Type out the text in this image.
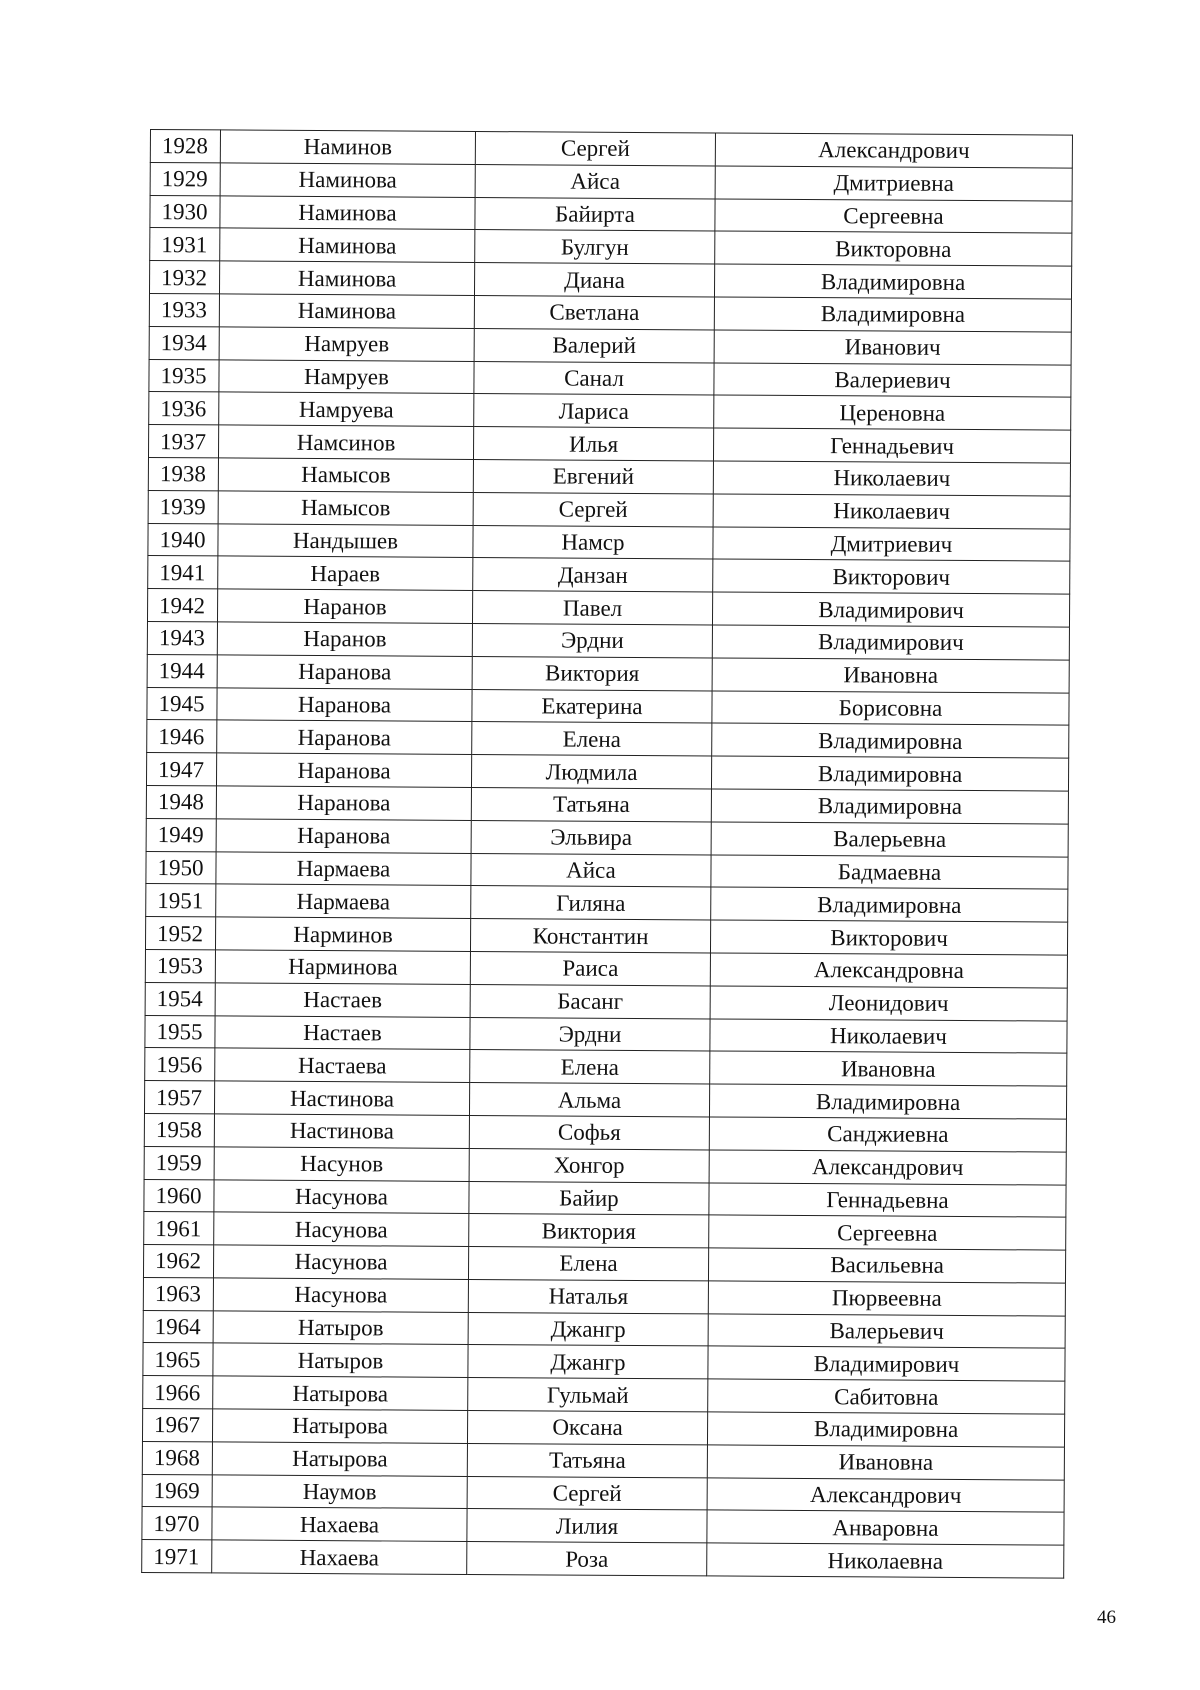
1928	Наминов	Сергей	Александрович
1929	Наминова	Айса	Дмитриевна
1930	Наминова	Байирта	Сергеевна
1931	Наминова	Булгун	Викторовна
1932	Наминова	Диана	Владимировна
1933	Наминова	Светлана	Владимировна
1934	Намруев	Валерий	Иванович
1935	Намруев	Санал	Валериевич
1936	Намруева	Лариса	Цереновна
1937	Намсинов	Илья	Геннадьевич
1938	Намысов	Евгений	Николаевич
1939	Намысов	Сергей	Николаевич
1940	Нандышев	Намср	Дмитриевич
1941	Нараев	Данзан	Викторович
1942	Наранов	Павел	Владимирович
1943	Наранов	Эрдни	Владимирович
1944	Наранова	Виктория	Ивановна
1945	Наранова	Екатерина	Борисовна
1946	Наранова	Елена	Владимировна
1947	Наранова	Людмила	Владимировна
1948	Наранова	Татьяна	Владимировна
1949	Наранова	Эльвира	Валерьевна
1950	Нармаева	Айса	Бадмаевна
1951	Нармаева	Гиляна	Владимировна
1952	Нарминов	Константин	Викторович
1953	Нарминова	Раиса	Александровна
1954	Настаев	Басанг	Леонидович
1955	Настаев	Эрдни	Николаевич
1956	Настаева	Елена	Ивановна
1957	Настинова	Альма	Владимировна
1958	Настинова	Софья	Санджиевна
1959	Насунов	Хонгор	Александрович
1960	Насунова	Байир	Геннадьевна
1961	Насунова	Виктория	Сергеевна
1962	Насунова	Елена	Васильевна
1963	Насунова	Наталья	Пюрвеевна
1964	Натыров	Джангр	Валерьевич
1965	Натыров	Джангр	Владимирович
1966	Натырова	Гульмай	Сабитовна
1967	Натырова	Оксана	Владимировна
1968	Натырова	Татьяна	Ивановна
1969	Наумов	Сергей	Александрович
1970	Нахаева	Лилия	Анваровна
1971	Нахаева	Роза	Николаевна
46
